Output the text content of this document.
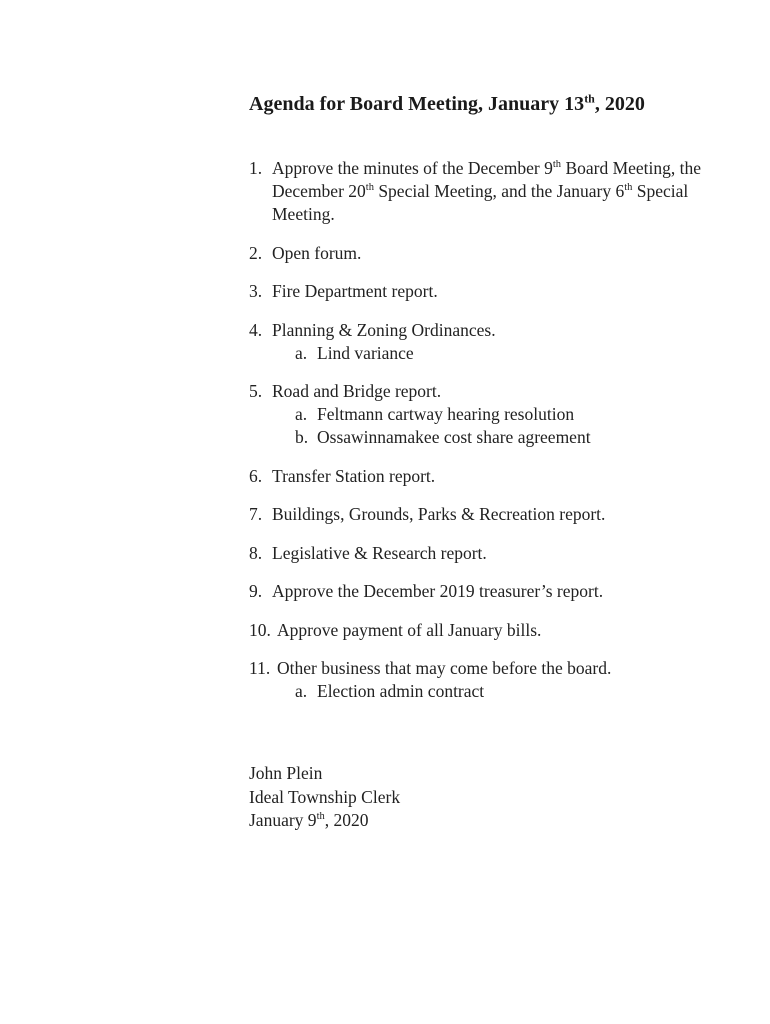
Agenda for Board Meeting, January 13th, 2020
1. Approve the minutes of the December 9th Board Meeting, the December 20th Special Meeting, and the January 6th Special Meeting.
2. Open forum.
3. Fire Department report.
4. Planning & Zoning Ordinances.
a. Lind variance
5. Road and Bridge report.
a. Feltmann cartway hearing resolution
b. Ossawinnamakee cost share agreement
6. Transfer Station report.
7. Buildings, Grounds, Parks & Recreation report.
8. Legislative & Research report.
9. Approve the December 2019 treasurer’s report.
10. Approve payment of all January bills.
11. Other business that may come before the board.
a. Election admin contract
John Plein
Ideal Township Clerk
January 9th, 2020
